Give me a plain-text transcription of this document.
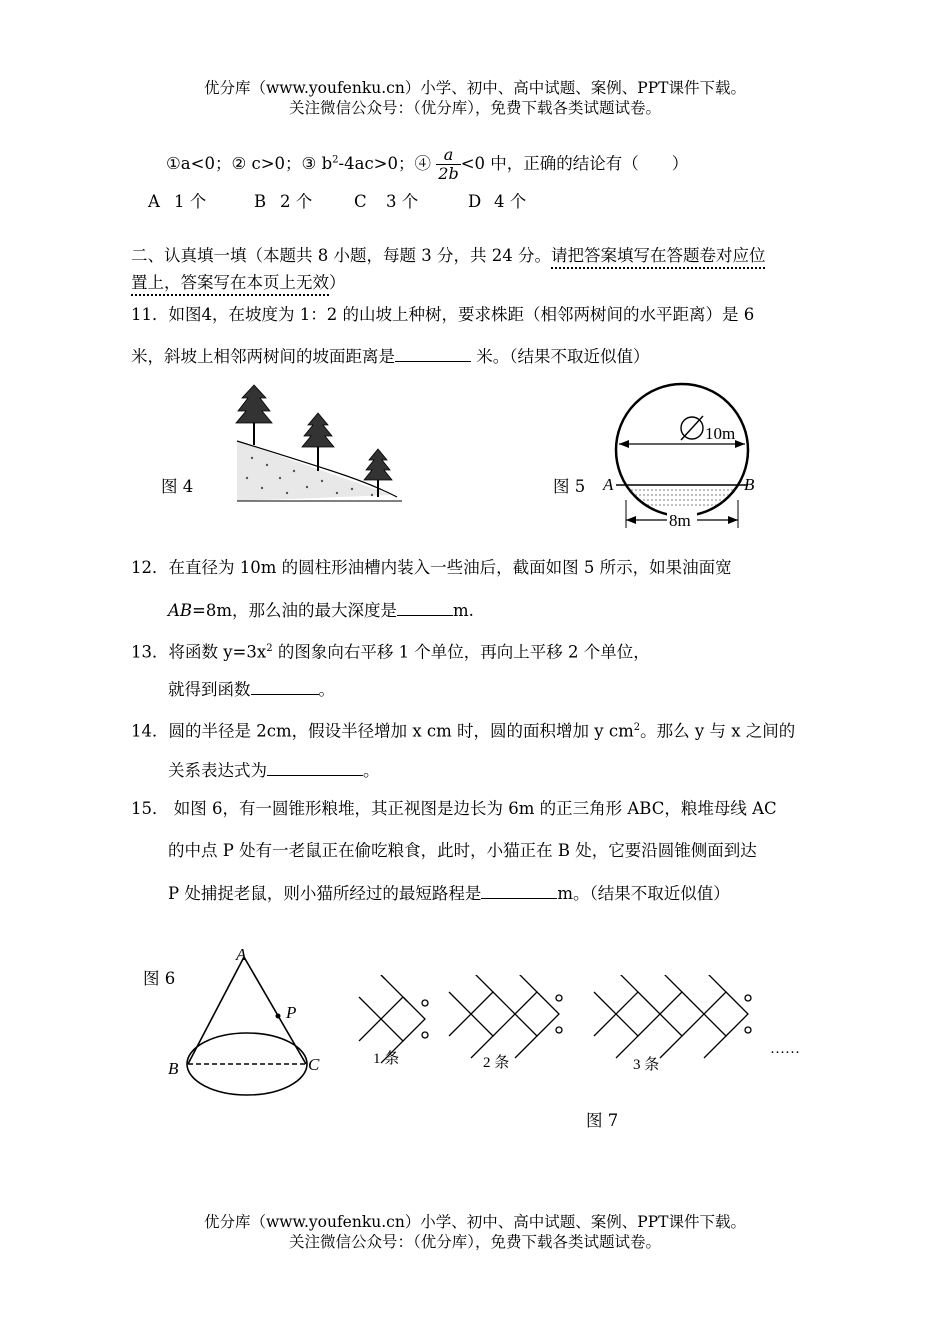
优分库（www.youfenku.cn）小学、初中、高中试题、案例、PPT课件下载。
关注微信公众号：（优分库），免费下载各类试题试卷。
①a<0；② c>0；③ $b^2-4ac>0$；④ $\frac{a}{2b} <0$ 中，正确的结论有（　　）
A 1 个	B 2 个	C 3 个	D 4 个
二、认真填一填（本题共 8 小题，每题 3 分，共 24 分。请把答案填写在答题卷对应位
置上，答案写在本页上无效）
11．如图4，在坡度为 1：2 的山坡上种树，要求株距（相邻两树间的水平距离）是 6
米，斜坡上相邻两树间的坡面距离是	米。（结果不取近似值）
图 4	图 5
10m
A	B
8m
12．在直径为 10m 的圆柱形油槽内装入一些油后，截面如图 5 所示，如果油面宽
AB=8m，那么油的最大深度是	m.
13．将函数 $y=3x^2$ 的图象向右平移 1 个单位，再向上平移 2 个单位，
就得到函数	。
14．圆的半径是 2cm，假设半径增加 x cm 时，圆的面积增加 y $cm^2$。那么 y 与 x 之间的
关系表达式为	。
15． 如图 6，有一圆锥形粮堆，其正视图是边长为 6m 的正三角形 ABC，粮堆母线 AC
的中点 P 处有一老鼠正在偷吃粮食，此时，小猫正在 B 处，它要沿圆锥侧面到达
P 处捕捉老鼠，则小猫所经过的最短路程是	m。（结果不取近似值）
图 6
A
P
B	C	1 条	2 条	3 条
……
图 7
优分库（www.youfenku.cn）小学、初中、高中试题、案例、PPT课件下载。
关注微信公众号：（优分库），免费下载各类试题试卷。
